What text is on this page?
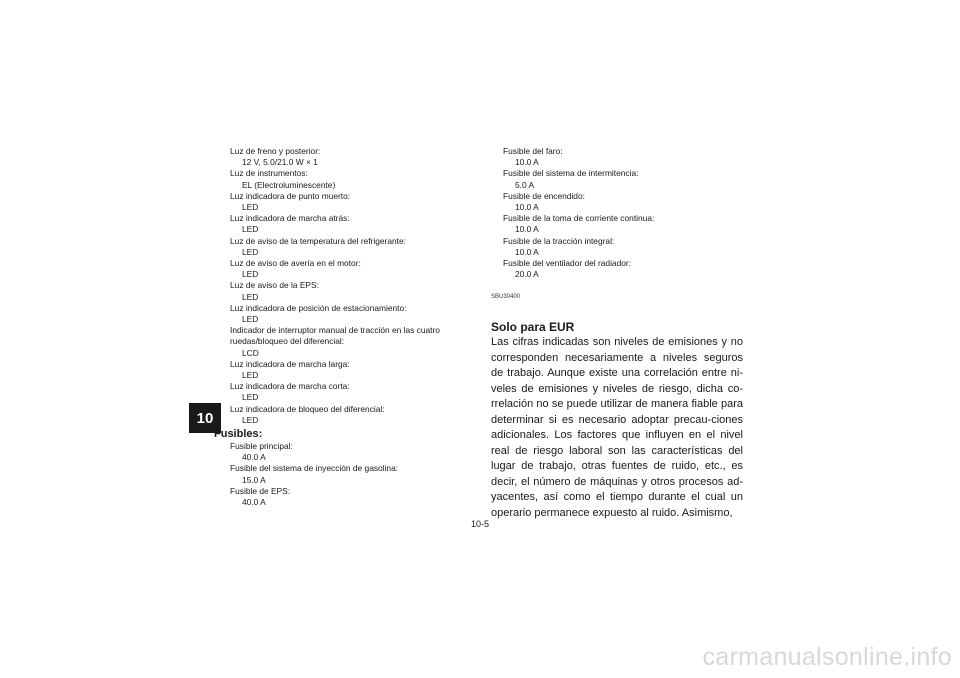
10
Luz de freno y posterior:
12 V, 5.0/21.0 W × 1
Luz de instrumentos:
EL (Electroluminescente)
Luz indicadora de punto muerto:
LED
Luz indicadora de marcha atrás:
LED
Luz de aviso de la temperatura del refrigerante:
LED
Luz de aviso de avería en el motor:
LED
Luz de aviso de la EPS:
LED
Luz indicadora de posición de estacionamiento:
LED
Indicador de interruptor manual de tracción en las cuatro ruedas/bloqueo del diferencial:
LCD
Luz indicadora de marcha larga:
LED
Luz indicadora de marcha corta:
LED
Luz indicadora de bloqueo del diferencial:
LED
Fusibles:
Fusible principal:
40.0 A
Fusible del sistema de inyección de gasolina:
15.0 A
Fusible de EPS:
40.0 A
Fusible del faro:
10.0 A
Fusible del sistema de intermitencia:
5.0 A
Fusible de encendido:
10.0 A
Fusible de la toma de corriente continua:
10.0 A
Fusible de la tracción integral:
10.0 A
Fusible del ventilador del radiador:
20.0 A
SBU30400
Solo para EUR
Las cifras indicadas son niveles de emisiones y no corresponden necesariamente a niveles seguros de trabajo. Aunque existe una correlación entre ni-veles de emisiones y niveles de riesgo, dicha co-rrelación no se puede utilizar de manera fiable para determinar si es necesario adoptar precau-ciones adicionales. Los factores que influyen en el nivel real de riesgo laboral son las características del lugar de trabajo, otras fuentes de ruido, etc., es decir, el número de máquinas y otros procesos ad-yacentes, así como el tiempo durante el cual un operario permanece expuesto al ruido. Asimismo,
10-5
carmanualsonline.info
